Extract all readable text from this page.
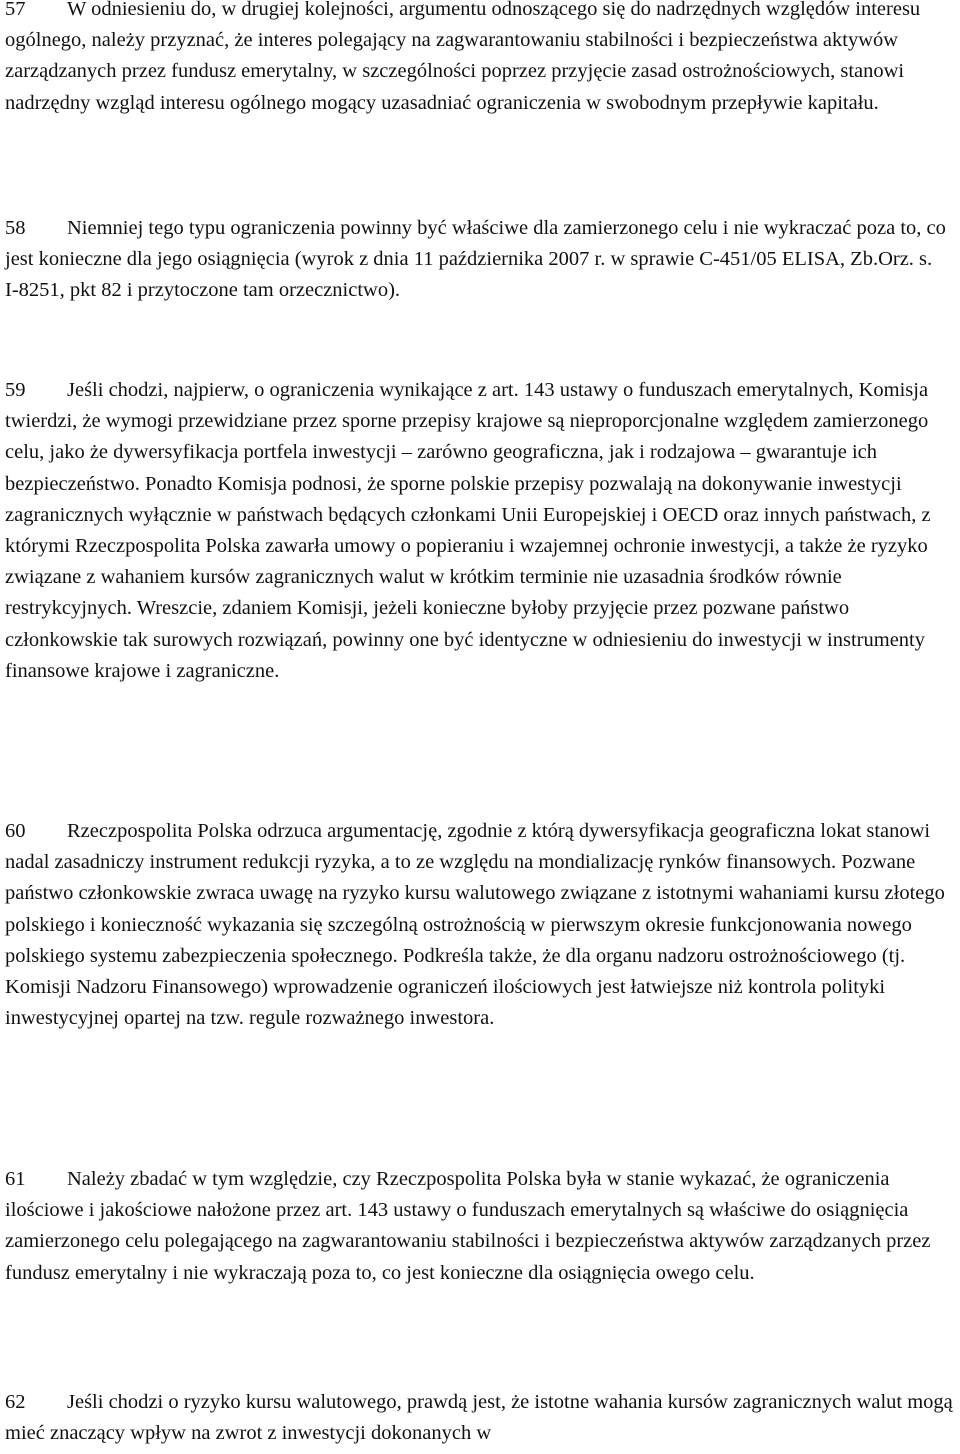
57 W odniesieniu do, w drugiej kolejności, argumentu odnoszącego się do nadrzędnych względów interesu ogólnego, należy przyznać, że interes polegający na zagwarantowaniu stabilności i bezpieczeństwa aktywów zarządzanych przez fundusz emerytalny, w szczególności poprzez przyjęcie zasad ostrożnościowych, stanowi nadrzędny wzgląd interesu ogólnego mogący uzasadniać ograniczenia w swobodnym przepływie kapitału.

58 Niemniej tego typu ograniczenia powinny być właściwe dla zamierzonego celu i nie wykraczać poza to, co jest konieczne dla jego osiągnięcia (wyrok z dnia 11 października 2007 r. w sprawie C‑451/05 ELISA, Zb.Orz. s. I‑8251, pkt 82 i przytoczone tam orzecznictwo).

59 Jeśli chodzi, najpierw, o ograniczenia wynikające z art. 143 ustawy o funduszach emerytalnych, Komisja twierdzi, że wymogi przewidziane przez sporne przepisy krajowe są nieproporcjonalne względem zamierzonego celu, jako że dywersyfikacja portfela inwestycji – zarówno geograficzna, jak i rodzajowa – gwarantuje ich bezpieczeństwo. Ponadto Komisja podnosi, że sporne polskie przepisy pozwalają na dokonywanie inwestycji zagranicznych wyłącznie w państwach będących członkami Unii Europejskiej i OECD oraz innych państwach, z którymi Rzeczpospolita Polska zawarła umowy o popieraniu i wzajemnej ochronie inwestycji, a także że ryzyko związane z wahaniem kursów zagranicznych walut w krótkim terminie nie uzasadnia środków równie restrykcyjnych. Wreszcie, zdaniem Komisji, jeżeli konieczne byłoby przyjęcie przez pozwane państwo członkowskie tak surowych rozwiązań, powinny one być identyczne w odniesieniu do inwestycji w instrumenty finansowe krajowe i zagraniczne.

60 Rzeczpospolita Polska odrzuca argumentację, zgodnie z którą dywersyfikacja geograficzna lokat stanowi nadal zasadniczy instrument redukcji ryzyka, a to ze względu na mondializację rynków finansowych. Pozwane państwo członkowskie zwraca uwagę na ryzyko kursu walutowego związane z istotnymi wahaniami kursu złotego polskiego i konieczność wykazania się szczególną ostrożnością w pierwszym okresie funkcjonowania nowego polskiego systemu zabezpieczenia społecznego. Podkreśla także, że dla organu nadzoru ostrożnościowego (tj. Komisji Nadzoru Finansowego) wprowadzenie ograniczeń ilościowych jest łatwiejsze niż kontrola polityki inwestycyjnej opartej na tzw. regule rozważnego inwestora.

61 Należy zbadać w tym względzie, czy Rzeczpospolita Polska była w stanie wykazać, że ograniczenia ilościowe i jakościowe nałożone przez art. 143 ustawy o funduszach emerytalnych są właściwe do osiągnięcia zamierzonego celu polegającego na zagwarantowaniu stabilności i bezpieczeństwa aktywów zarządzanych przez fundusz emerytalny i nie wykraczają poza to, co jest konieczne dla osiągnięcia owego celu.

62 Jeśli chodzi o ryzyko kursu walutowego, prawdą jest, że istotne wahania kursów zagranicznych walut mogą mieć znaczący wpływ na zwrot z inwestycji dokonanych w
